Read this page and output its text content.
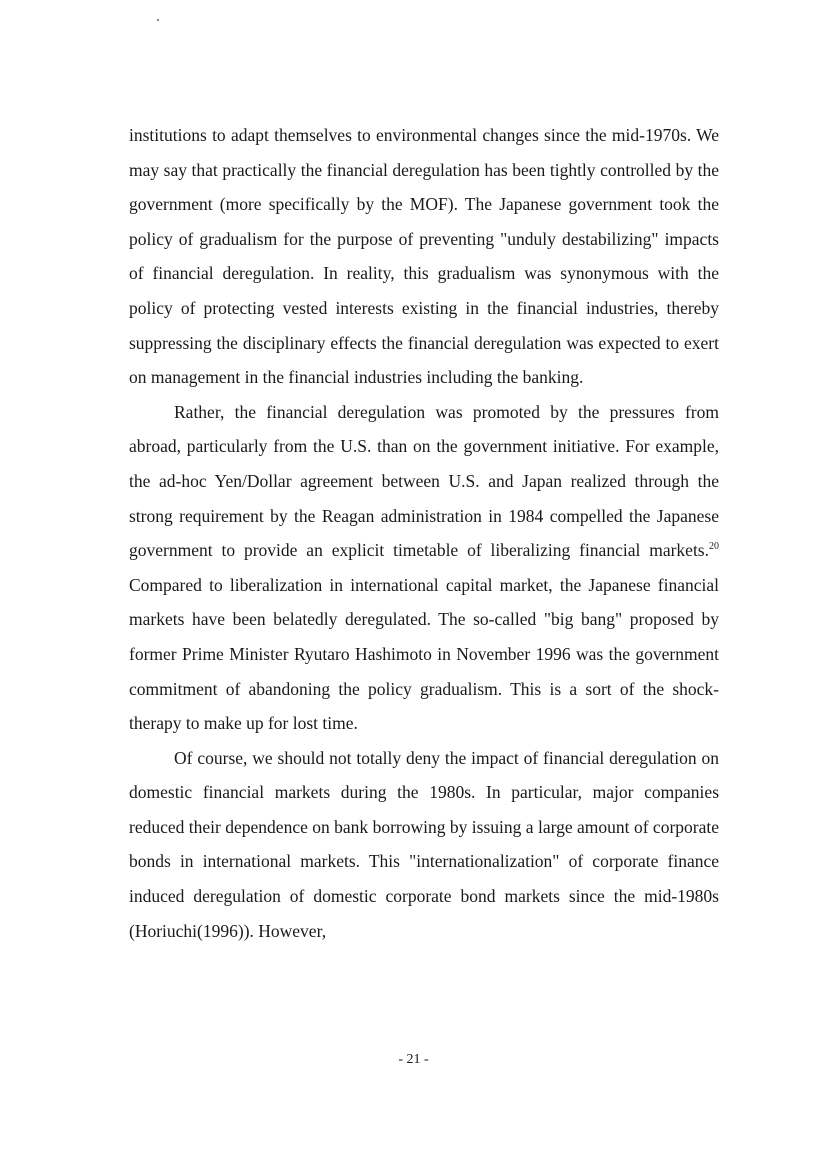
institutions to adapt themselves to environmental changes since the mid-1970s. We may say that practically the financial deregulation has been tightly controlled by the government (more specifically by the MOF). The Japanese government took the policy of gradualism for the purpose of preventing "unduly destabilizing" impacts of financial deregulation. In reality, this gradualism was synonymous with the policy of protecting vested interests existing in the financial industries, thereby suppressing the disciplinary effects the financial deregulation was expected to exert on management in the financial industries including the banking.

Rather, the financial deregulation was promoted by the pressures from abroad, particularly from the U.S. than on the government initiative. For example, the ad-hoc Yen/Dollar agreement between U.S. and Japan realized through the strong requirement by the Reagan administration in 1984 compelled the Japanese government to provide an explicit timetable of liberalizing financial markets.$^{20}$ Compared to liberalization in international capital market, the Japanese financial markets have been belatedly deregulated. The so-called "big bang" proposed by former Prime Minister Ryutaro Hashimoto in November 1996 was the government commitment of abandoning the policy gradualism. This is a sort of the shock-therapy to make up for lost time.

Of course, we should not totally deny the impact of financial deregulation on domestic financial markets during the 1980s. In particular, major companies reduced their dependence on bank borrowing by issuing a large amount of corporate bonds in international markets. This "internationalization" of corporate finance induced deregulation of domestic corporate bond markets since the mid-1980s (Horiuchi(1996)). However,

- 21 -
